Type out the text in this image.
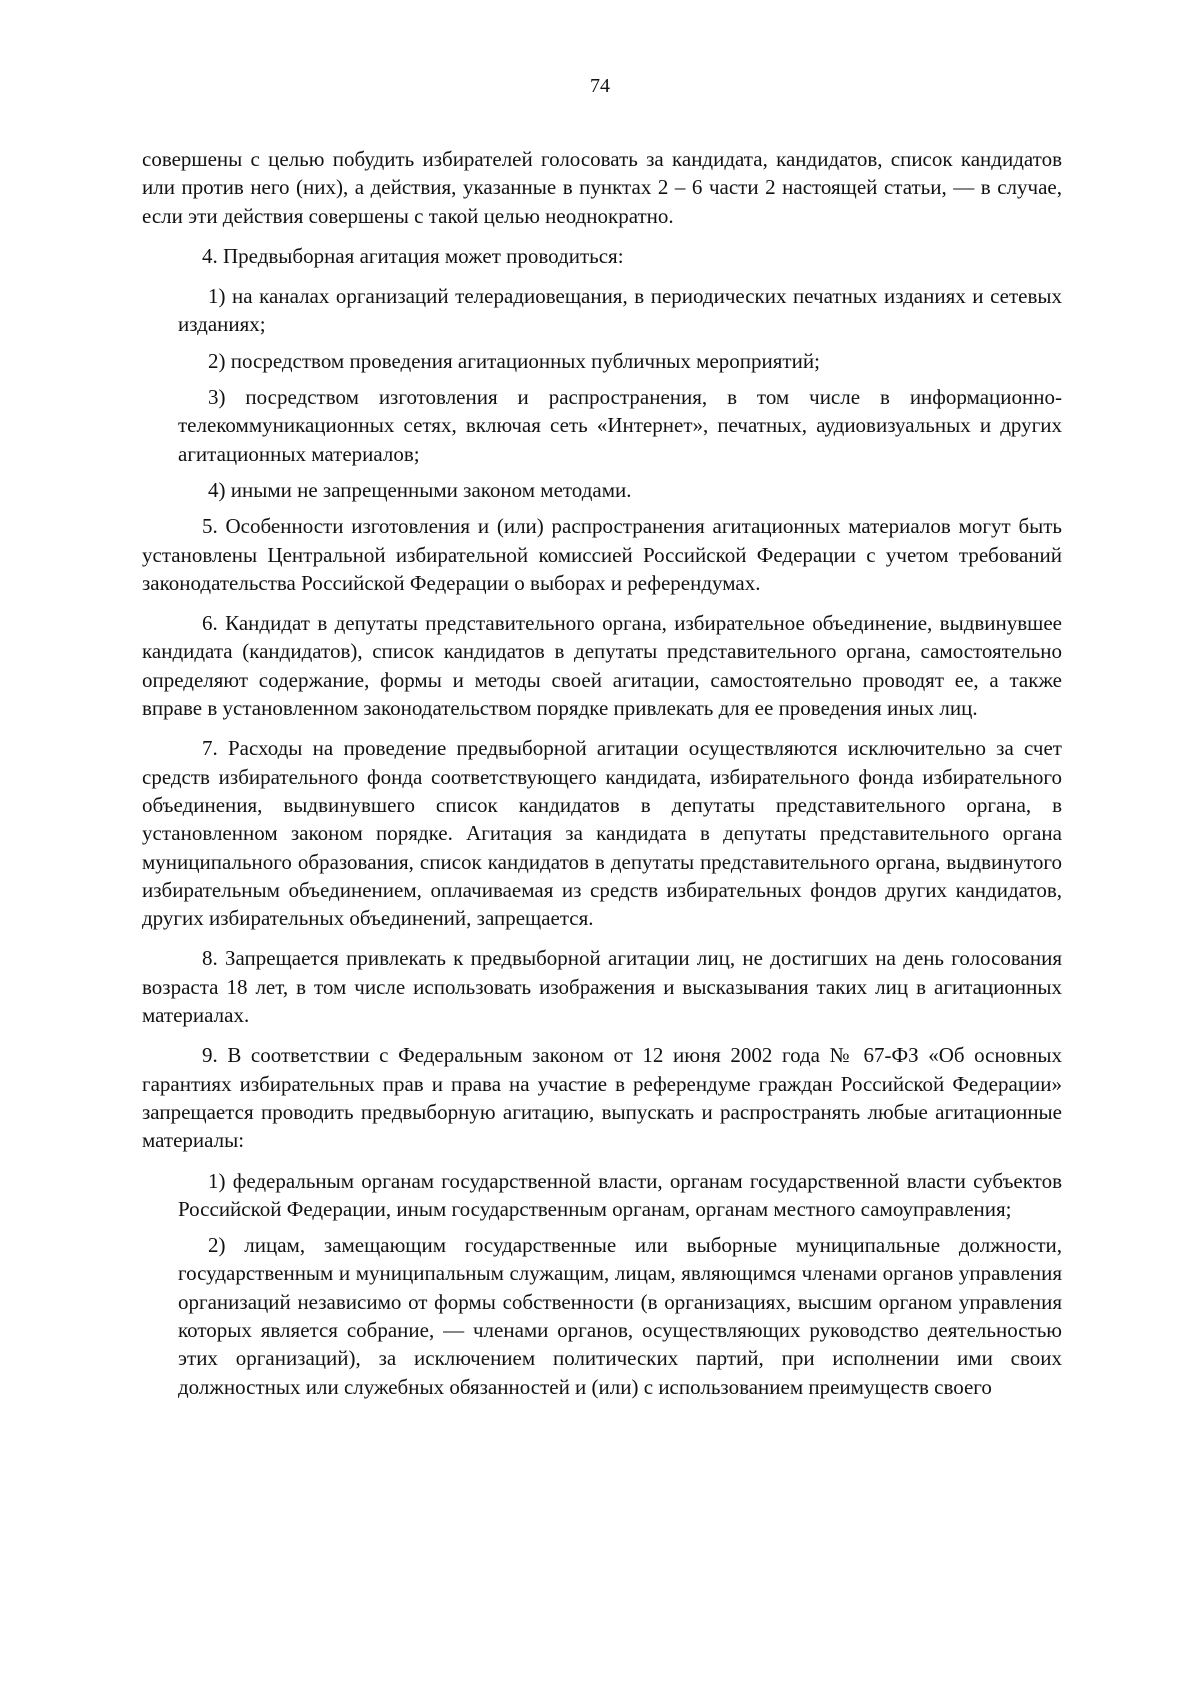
74

совершены с целью побудить избирателей голосовать за кандидата, кандидатов, список кандидатов или против него (них), а действия, указанные в пунктах 2 – 6 части 2 настоящей статьи, — в случае, если эти действия совершены с такой целью неоднократно.

4. Предвыборная агитация может проводиться:

1) на каналах организаций телерадиовещания, в периодических печатных изданиях и сетевых изданиях;

2) посредством проведения агитационных публичных мероприятий;

3) посредством изготовления и распространения, в том числе в информационно-телекоммуникационных сетях, включая сеть «Интернет», печатных, аудиовизуальных и других агитационных материалов;

4) иными не запрещенными законом методами.

5. Особенности изготовления и (или) распространения агитационных материалов могут быть установлены Центральной избирательной комиссией Российской Федерации с учетом требований законодательства Российской Федерации о выборах и референдумах.

6. Кандидат в депутаты представительного органа, избирательное объединение, выдвинувшее кандидата (кандидатов), список кандидатов в депутаты представительного органа, самостоятельно определяют содержание, формы и методы своей агитации, самостоятельно проводят ее, а также вправе в установленном законодательством порядке привлекать для ее проведения иных лиц.

7. Расходы на проведение предвыборной агитации осуществляются исключительно за счет средств избирательного фонда соответствующего кандидата, избирательного фонда избирательного объединения, выдвинувшего список кандидатов в депутаты представительного органа, в установленном законом порядке. Агитация за кандидата в депутаты представительного органа муниципального образования, список кандидатов в депутаты представительного органа, выдвинутого избирательным объединением, оплачиваемая из средств избирательных фондов других кандидатов, других избирательных объединений, запрещается.

8. Запрещается привлекать к предвыборной агитации лиц, не достигших на день голосования возраста 18 лет, в том числе использовать изображения и высказывания таких лиц в агитационных материалах.

9. В соответствии с Федеральным законом от 12 июня 2002 года № 67-ФЗ «Об основных гарантиях избирательных прав и права на участие в референдуме граждан Российской Федерации» запрещается проводить предвыборную агитацию, выпускать и распространять любые агитационные материалы:

1) федеральным органам государственной власти, органам государственной власти субъектов Российской Федерации, иным государственным органам, органам местного самоуправления;

2) лицам, замещающим государственные или выборные муниципальные должности, государственным и муниципальным служащим, лицам, являющимся членами органов управления организаций независимо от формы собственности (в организациях, высшим органом управления которых является собрание, — членами органов, осуществляющих руководство деятельностью этих организаций), за исключением политических партий, при исполнении ими своих должностных или служебных обязанностей и (или) с использованием преимуществ своего
